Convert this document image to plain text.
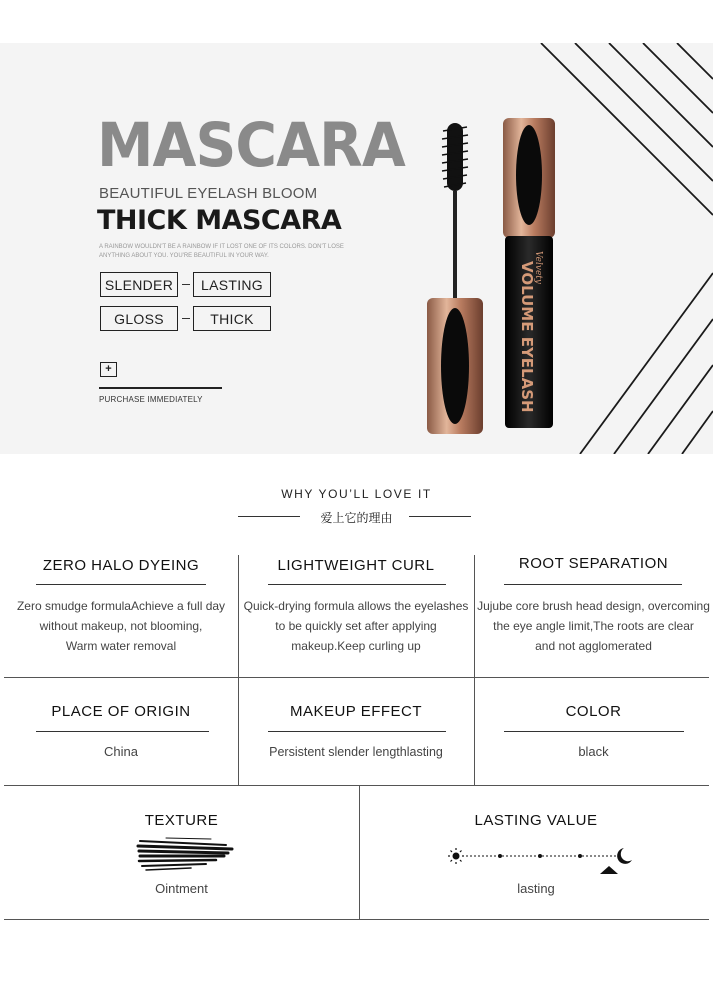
MASCARA
BEAUTIFUL EYELASH BLOOM
THICK MASCARA
A RAINBOW WOULDN'T BE A RAINBOW IF IT LOST ONE OF ITS COLORS. DON'T LOSE ANYTHING ABOUT YOU. YOU'RE BEAUTIFUL IN YOUR WAY.
SLENDER	LASTING
GLOSS	THICK
+
PURCHASE IMMEDIATELY
Velvety
VOLUME EYELASH
WHY YOU’LL LOVE IT
爱上它的理由
ZERO HALO DYEING
Zero smudge formulaAchieve a full day
without makeup, not blooming,
Warm water removal
LIGHTWEIGHT CURL
Quick-drying formula allows the eyelashes
to be quickly set after applying
makeup.Keep curling up
ROOT SEPARATION
Jujube core brush head design, overcoming
the eye angle limit,The roots are clear
and not agglomerated
PLACE OF ORIGIN
China
MAKEUP EFFECT
Persistent slender lengthlasting
COLOR
black
TEXTURE
Ointment
LASTING VALUE
lasting
